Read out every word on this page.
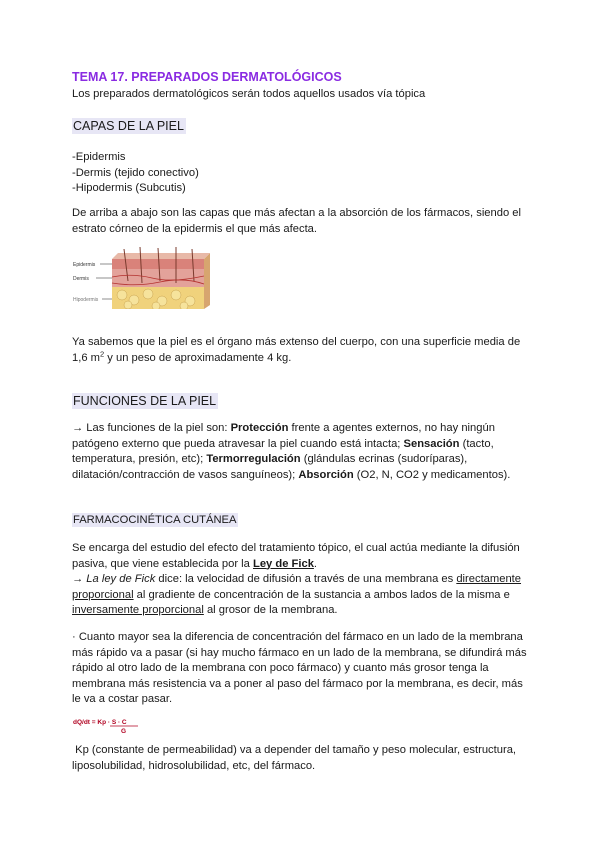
TEMA 17. PREPARADOS DERMATOLÓGICOS
Los preparados dermatológicos serán todos aquellos usados vía tópica
CAPAS DE LA PIEL
-Epidermis
-Dermis (tejido conectivo)
-Hipodermis (Subcutis)
De arriba a abajo son las capas que más afectan a la absorción de los fármacos, siendo el
estrato córneo de la epidermis el que más afecta.
Epidermis
Dermis
Hipodermis
Ya sabemos que la piel es el órgano más extenso del cuerpo, con una superficie media de
1,6 $m^2$ y un peso de aproximadamente 4 kg.
FUNCIONES DE LA PIEL
→ Las funciones de la piel son: Protección frente a agentes externos, no hay ningún
patógeno externo que pueda atravesar la piel cuando está intacta; Sensación (tacto,
temperatura, presión, etc); Termorregulación (glándulas ecrinas (sudoríparas),
dilatación/contracción de vasos sanguíneos); Absorción (O2, N, CO2 y medicamentos).
FARMACOCINÉTICA CUTÁNEA
Se encarga del estudio del efecto del tratamiento tópico, el cual actúa mediante la difusión
pasiva, que viene establecida por la Ley de Fick.
→ La ley de Fick dice: la velocidad de difusión a través de una membrana es directamente
proporcional al gradiente de concentración de la sustancia a ambos lados de la misma e
inversamente proporcional al grosor de la membrana.
· Cuanto mayor sea la diferencia de concentración del fármaco en un lado de la membrana
más rápido va a pasar (si hay mucho fármaco en un lado de la membrana, se difundirá más
rápido al otro lado de la membrana con poco fármaco) y cuanto más grosor tenga la
membrana más resistencia va a poner al paso del fármaco por la membrana, es decir, más
le va a costar pasar.
dQ/dt = Kp · S · C
G
Kp (constante de permeabilidad) va a depender del tamaño y peso molecular, estructura,
liposolubilidad, hidrosolubilidad, etc, del fármaco.
